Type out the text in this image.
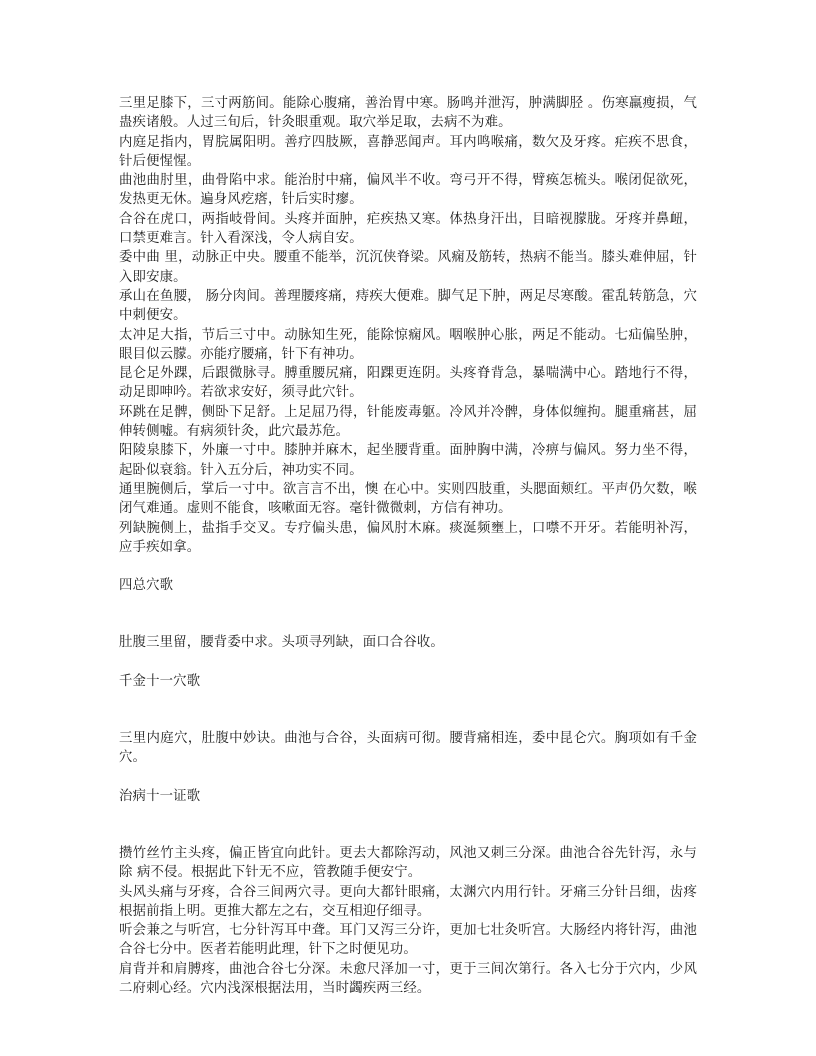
三里足膝下，三寸两筋间。能除心腹痛，善治胃中寒。肠鸣并泄泻，肿满脚胫 。伤寒羸瘦损，气蛊疾诸般。人过三旬后，针灸眼重观。取穴举足取，去病不为难。

内庭足指内，胃脘属阳明。善疗四肢厥，喜静恶闻声。耳内鸣喉痛，数欠及牙疼。疟疾不思食，针后便惺惺。

曲池曲肘里，曲骨陷中求。能治肘中痛，偏风半不收。弯弓开不得，臂痪怎梳头。喉闭促欲死，发热更无休。遍身风疙瘩，针后实时瘳。

合谷在虎口，两指岐骨间。头疼并面肿，疟疾热又寒。体热身汗出，目暗视朦胧。牙疼并鼻衄，口禁更难言。针入看深浅，令人病自安。

委中曲 里，动脉正中央。腰重不能举，沉沉侠脊梁。风痫及筋转，热病不能当。膝头难伸屈，针入即安康。

承山在鱼腰， 肠分肉间。善理腰疼痛，痔疾大便难。脚气足下肿，两足尽寒酸。霍乱转筋急，穴中刺便安。

太冲足大指，节后三寸中。动脉知生死，能除惊痫风。咽喉肿心胀，两足不能动。七疝偏坠肿，眼目似云朦。亦能疗腰痛，针下有神功。

昆仑足外踝，后跟微脉寻。膊重腰尻痛，阳踝更连阴。头疼脊背急，暴喘满中心。踏地行不得，动足即呻吟。若欲求安好，须寻此穴针。

环跳在足髀，侧卧下足舒。上足屈乃得，针能废毒躯。冷风并冷髀，身体似缠拘。腿重痛甚，屈伸转侧嘘。有病须针灸，此穴最苏危。

阳陵泉膝下，外廉一寸中。膝肿并麻木，起坐腰背重。面肿胸中满，冷痹与偏风。努力坐不得，起卧似衰翁。针入五分后，神功实不同。

通里腕侧后，掌后一寸中。欲言言不出，懊 在心中。实则四肢重，头腮面颊红。平声仍欠数，喉闭气难通。虚则不能食，咳嗽面无容。毫针微微刺，方信有神功。

列缺腕侧上，盐指手交叉。专疗偏头患，偏风肘木麻。痰涎频壅上，口噤不开牙。若能明补泻，应手疾如拿。

四总穴歌

肚腹三里留，腰背委中求。头项寻列缺，面口合谷收。

千金十一穴歌

三里内庭穴，肚腹中妙诀。曲池与合谷，头面病可彻。腰背痛相连，委中昆仑穴。胸项如有千金穴。

治病十一证歌

攒竹丝竹主头疼，偏正皆宜向此针。更去大都除泻动，风池又刺三分深。曲池合谷先针泻，永与除 病不侵。根据此下针无不应，管教随手便安宁。

头风头痛与牙疼，合谷三间两穴寻。更向大都针眼痛，太渊穴内用行针。牙痛三分针吕细，齿疼根据前指上明。更推大都左之右，交互相迎仔细寻。

听会兼之与听宫，七分针泻耳中聋。耳门又泻三分许，更加七壮灸听宫。大肠经内将针泻，曲池合谷七分中。医者若能明此理，针下之时便见功。

肩背并和肩膊疼，曲池合谷七分深。未愈尺泽加一寸，更于三间次第行。各入七分于穴内，少风二府刺心经。穴内浅深根据法用，当时蠲疾两三经。
